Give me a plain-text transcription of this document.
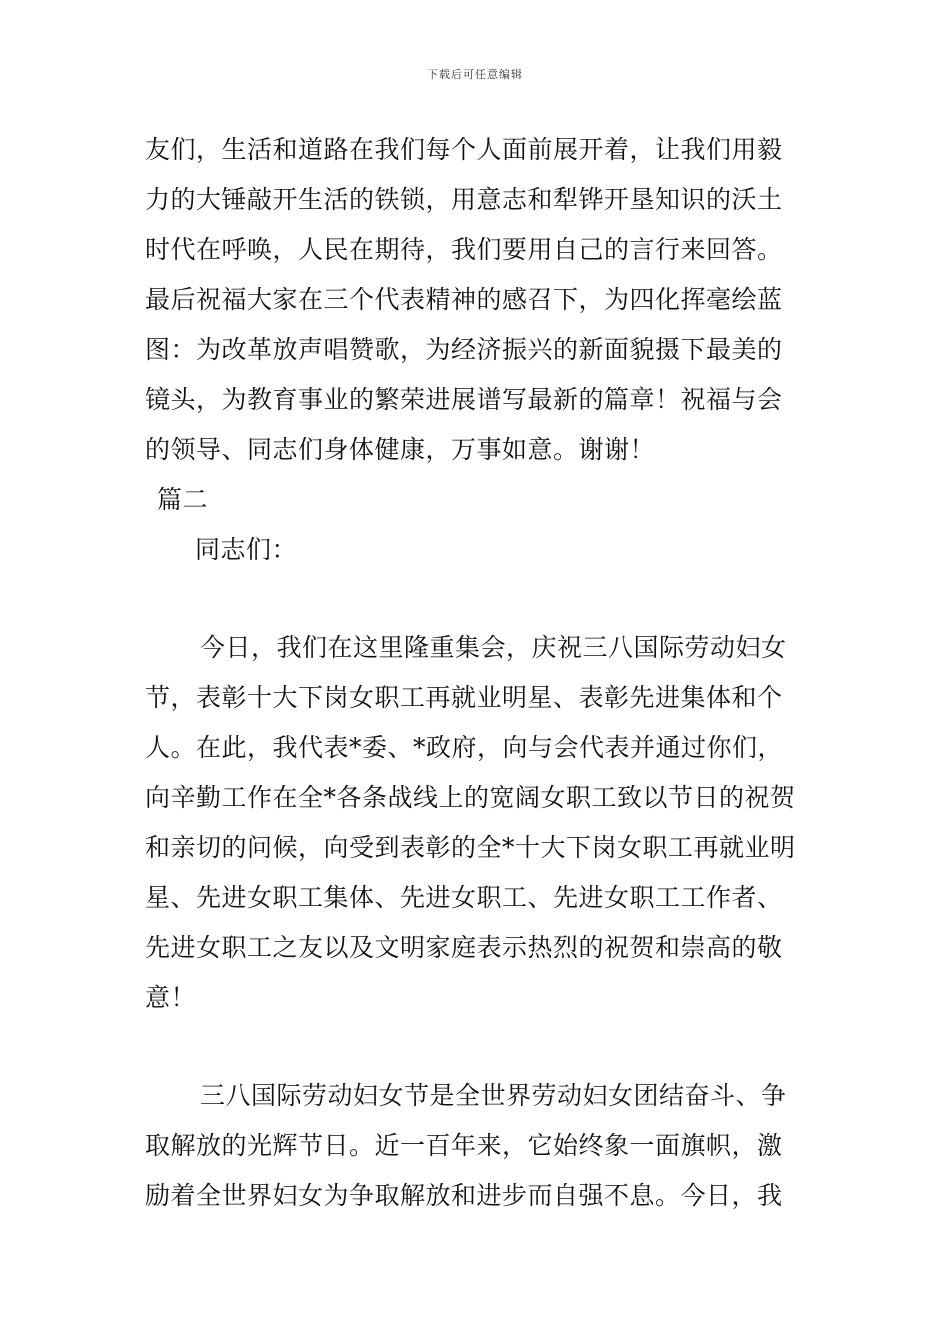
下载后可任意编辑
友们，生活和道路在我们每个人面前展开着，让我们用毅
力的大锤敲开生活的铁锁，用意志和犁铧开垦知识的沃土
时代在呼唤，人民在期待，我们要用自己的言行来回答。
最后祝福大家在三个代表精神的感召下，为四化挥毫绘蓝
图：为改革放声唱赞歌，为经济振兴的新面貌摄下最美的
镜头，为教育事业的繁荣进展谱写最新的篇章！祝福与会
的领导、同志们身体健康，万事如意。谢谢！
篇二
同志们：
今日，我们在这里隆重集会，庆祝三八国际劳动妇女
节，表彰十大下岗女职工再就业明星、表彰先进集体和个
人。在此，我代表*委、*政府，向与会代表并通过你们，
向辛勤工作在全*各条战线上的宽阔女职工致以节日的祝贺
和亲切的问候，向受到表彰的全*十大下岗女职工再就业明
星、先进女职工集体、先进女职工、先进女职工工作者、
先进女职工之友以及文明家庭表示热烈的祝贺和崇高的敬
意！
三八国际劳动妇女节是全世界劳动妇女团结奋斗、争
取解放的光辉节日。近一百年来，它始终象一面旗帜，激
励着全世界妇女为争取解放和进步而自强不息。今日，我
